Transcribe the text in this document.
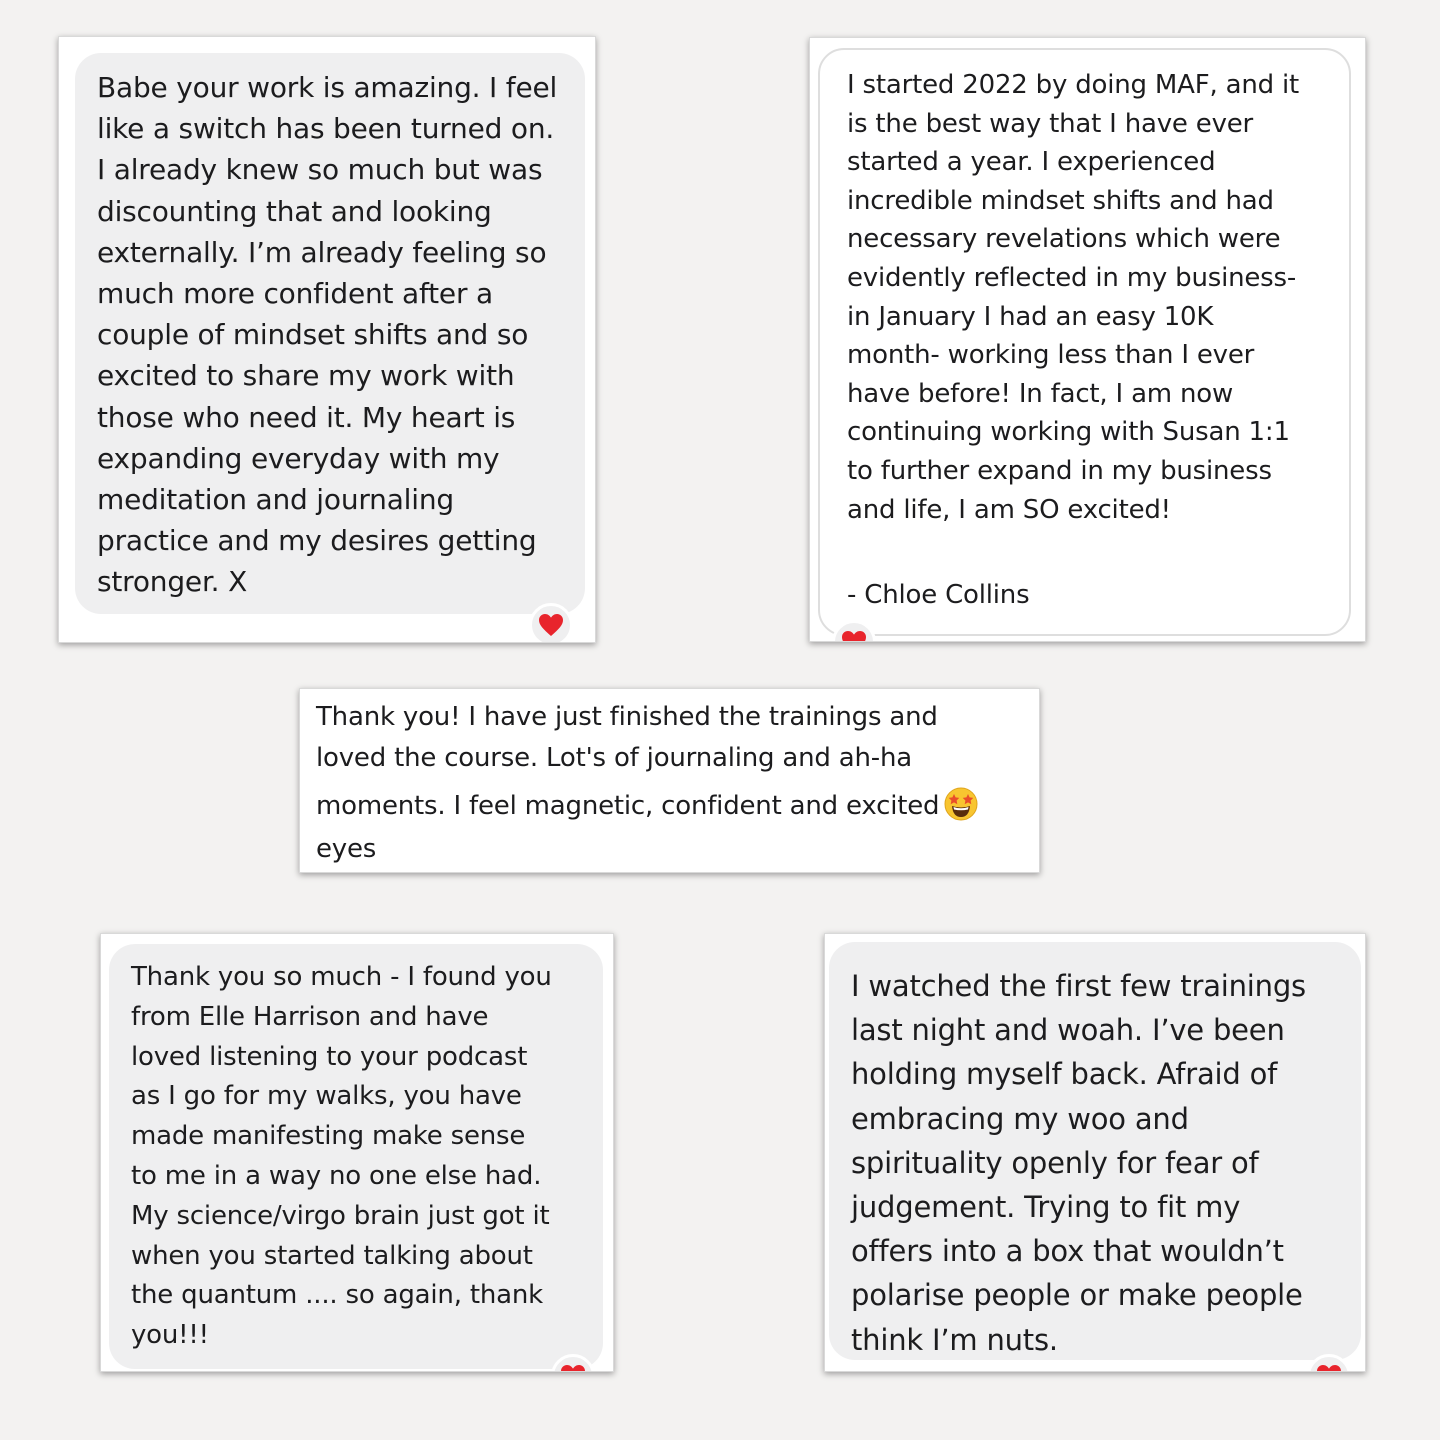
Babe your work is amazing. I feel
like a switch has been turned on.
I already knew so much but was
discounting that and looking
externally. I’m already feeling so
much more confident after a
couple of mindset shifts and so
excited to share my work with
those who need it. My heart is
expanding everyday with my
meditation and journaling
practice and my desires getting
stronger. X

I started 2022 by doing MAF, and it
is the best way that I have ever
started a year. I experienced
incredible mindset shifts and had
necessary revelations which were
evidently reflected in my business-
in January I had an easy 10K
month- working less than I ever
have before! In fact, I am now
continuing working with Susan 1:1
to further expand in my business
and life, I am SO excited!

- Chloe Collins

Thank you! I have just finished the trainings and
loved the course. Lot's of journaling and ah-ha
moments. I feel magnetic, confident and excited
eyes

Thank you so much - I found you
from Elle Harrison and have
loved listening to your podcast
as I go for my walks, you have
made manifesting make sense
to me in a way no one else had.
My science/virgo brain just got it
when you started talking about
the quantum .... so again, thank
you!!!

I watched the first few trainings
last night and woah. I’ve been
holding myself back. Afraid of
embracing my woo and
spirituality openly for fear of
judgement. Trying to fit my
offers into a box that wouldn’t
polarise people or make people
think I’m nuts.
